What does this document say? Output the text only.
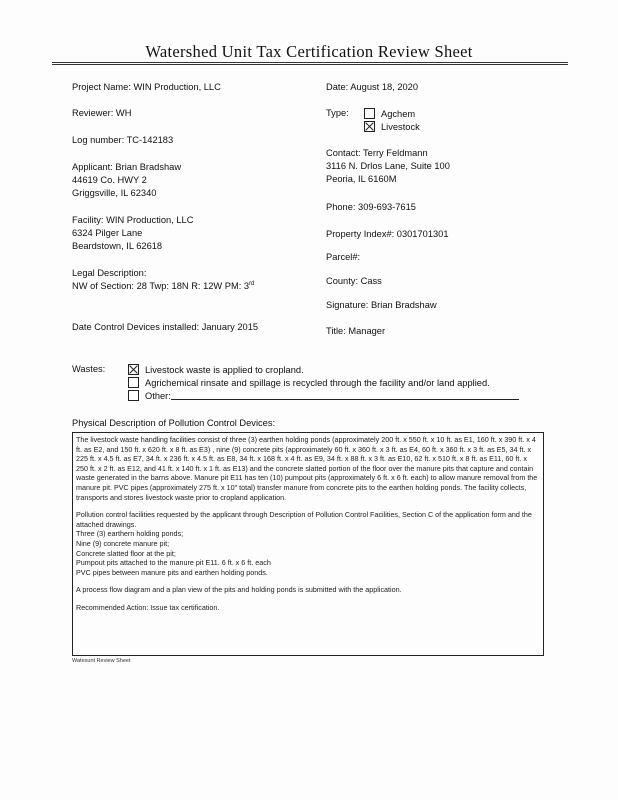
Watershed Unit Tax Certification Review Sheet
Project Name: WIN Production, LLC
Reviewer: WH
Log number: TC-142183
Applicant: Brian Bradshaw
44619 Co. HWY 2
Griggsville, IL 62340
Facility: WIN Production, LLC
6324 Pilger Lane
Beardstown, IL 62618
Legal Description:
NW of Section: 28 Twp: 18N R: 12W PM: 3rd
Date Control Devices installed: January 2015
Date: August 18, 2020
Type:	Agchem
Livestock
Contact: Terry Feldmann
3116 N. Drlos Lane, Suite 100
Peoria, IL 6160M
Phone: 309-693-7615
Property Index#: 0301701301
Parcel#:
County: Cass
Signature: Brian Bradshaw
Title: Manager
Wastes:	Livestock waste is applied to cropland.
Agrichemical rinsate and spillage is recycled through the facility and/or land applied.
Other:
Physical Description of Pollution Control Devices:

The livestock waste handling facilities consist of three (3) earthen holding ponds (approximately 200 ft. x 550 ft. x 10 ft. as E1, 160 ft. x 390 ft. x 4 ft. as E2, and 150 ft. x 620 ft. x 8 ft. as E3) , nine (9) concrete pits (approximately 60 ft. x 360 ft. x 3 ft. as E4, 60 ft. x 360 ft. x 3 ft. as E5, 34 ft. x 225 ft. x 4.5 ft. as E7, 34 ft. x 236 ft. x 4.5 ft. as E8, 34 ft. x 168 ft. x 4 ft. as E9, 34 ft. x 88 ft. x 3 ft. as E10, 62 ft. x 510 ft. x 8 ft. as E11, 60 ft. x 250 ft. x 2 ft. as E12, and 41 ft. x 140 ft. x 1 ft. as E13) and the concrete slatted portion of the floor over the manure pits that capture and contain waste generated in the barns above. Manure pit E11 has ten (10) pumpout pits (approximately 6 ft. x 6 ft. each) to allow manure removal from the manure pit. PVC pipes (approximately 275 ft. x 10" total) transfer manure from concrete pits to the earthen holding ponds. The facility collects, transports and stores livestock waste prior to cropland application.

Pollution control facilities requested by the applicant through Description of Pollution Control Facilities, Section C of the application form and the attached drawings.
Three (3) earthern holding ponds;
Nine (9) concrete manure pit;
Concrete slatted floor at the pit;
Pumpout pits attached to the manure pit E11. 6 ft. x 6 ft. each
PVC pipes between manure pits and earthen holding ponds.

A process flow diagram and a plan view of the pits and holding ponds is submitted with the application.

Recommended Action: Issue tax certification.

Watesunt Review Sheet
